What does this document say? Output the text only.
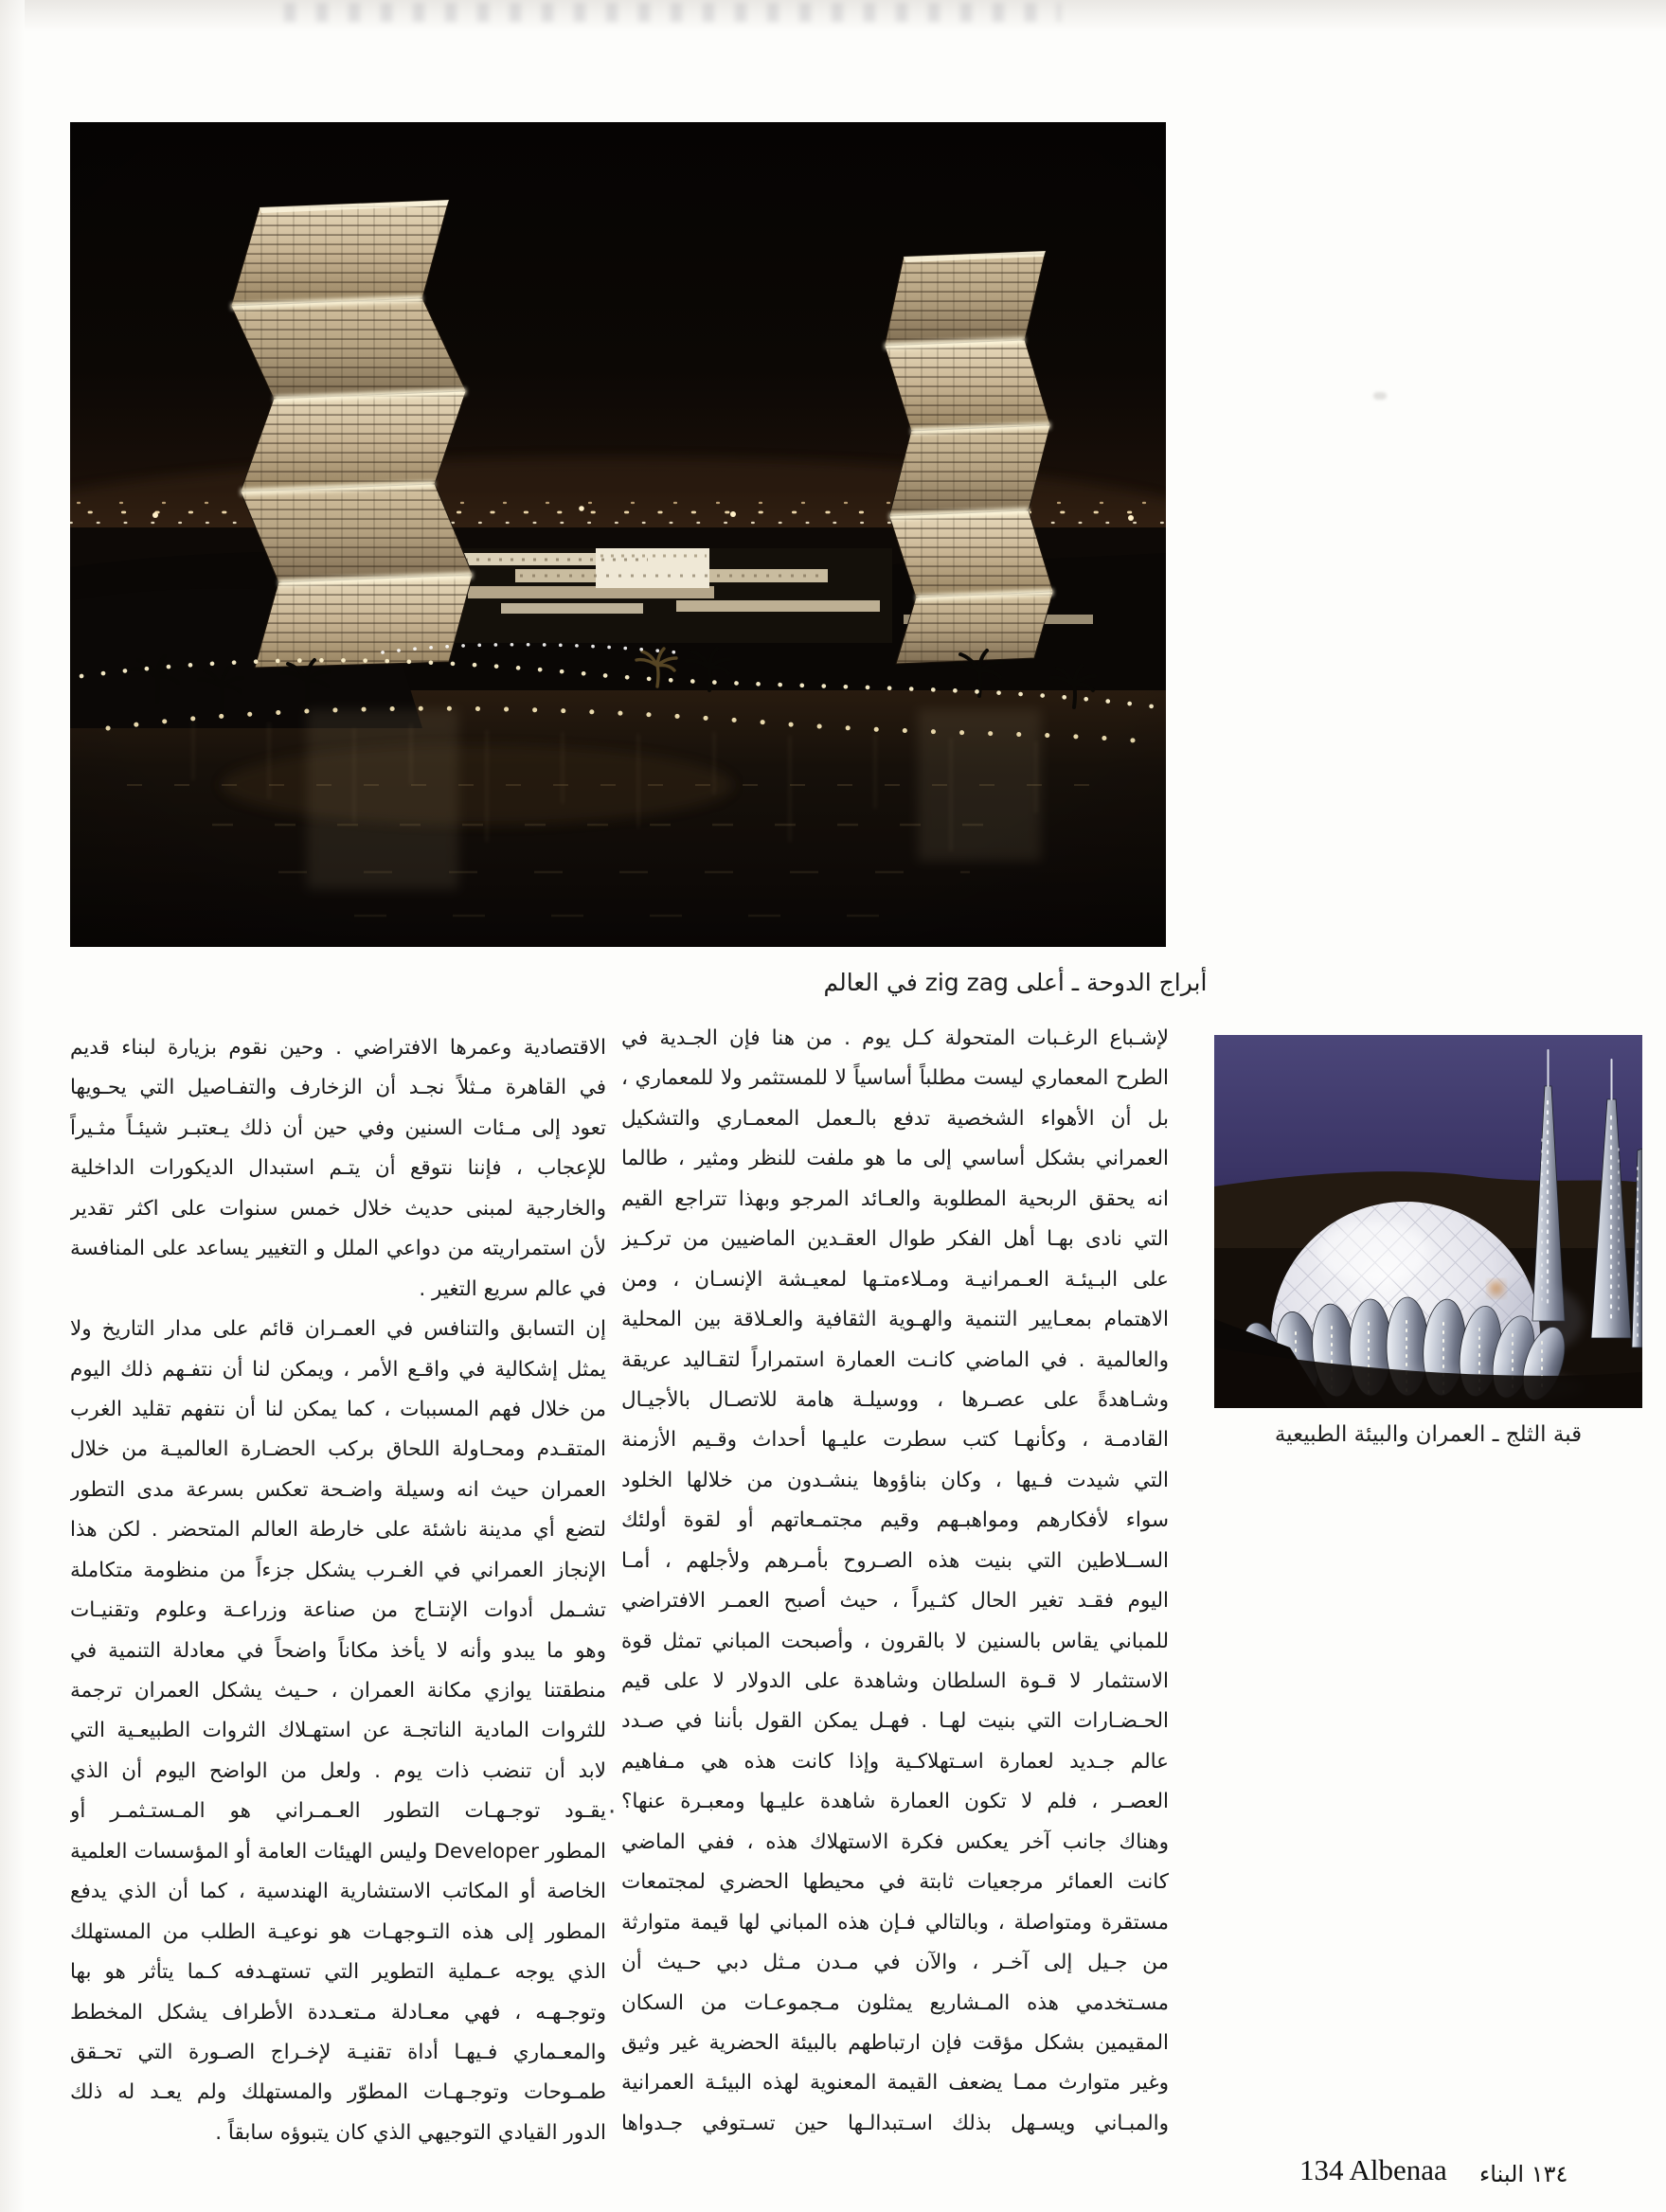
أبراج الدوحة ـ أعلى zig zag في العالم
قبة الثلج ـ العمران والبيئة الطبيعية
لإشـباع الرغـبات المتحولة كـل يوم . من هنا فإن الجـدية في
الطرح المعماري ليست مطلباً أساسياً لا للمستثمر ولا للمعماري ،
بل أن الأهواء الشخصية تدفع بالـعمل المعمـاري والتشكيل
العمراني بشكل أساسي إلى ما هو ملفت للنظر ومثير ، طالما
انه يحقق الربحية المطلوبة والعـائد المرجو وبهذا تتراجع القيم
التي نادى بهـا أهل الفكر طوال العقـدين الماضيين من تركـيز
على البـيئـة العـمرانيـة ومـلاءمتـها لمعيـشة الإنسـان ، ومن
الاهتمام بمعـايير التنمية والهـوية الثقافية والعـلاقة بين المحلية
والعالمية . في الماضي كانـت العمارة استمراراً لتقـاليد عريقة
وشـاهدةً على عصـرها ، ووسيلـة هامة للاتصـال بالأجيـال
القادمـة ، وكأنهـا كتب سطرت عليـها أحداث وقـيم الأزمنة
التي شيدت فـيها ، وكان بناؤوها ينشـدون من خلالها الخلود
سواء لأفكارهم ومواهبـهم وقيم مجتمـعاتهم أو لقوة أولئك
الســلاطين التي بنيت هذه الصـروح بأمـرهم ولأجلهم ، أمـا
اليوم فقـد تغير الحال كثـيراً ، حيث أصبح العمـر الافتراضي
للمباني يقاس بالسنين لا بالقرون ، وأصبحت المباني تمثل قوة
الاستثمار لا قـوة السلطان وشاهدة على الدولار لا على قيم
الحـضـارات التي بنيت لهـا . فهـل يمكن القول بأننا في صـدد
عالم جـديد لعمارة اسـتهلاكـية وإذا كانت هذه هي مـفاهيم
العصـر ، فلم لا تكون العمارة شاهدة عليـها ومعبـرة عنها؟
وهناك جانب آخر يعكس فكرة الاستهلاك هذه ، ففي الماضي
كانت العمائر مرجعيات ثابتة في محيطها الحضري لمجتمعات
مستقرة ومتواصلة ، وبالتالي فـإن هذه المباني لها قيمة متوارثة
من جـيل إلى آخـر ، والآن في مـدن مـثل دبي حـيث أن
مسـتخدمي هذه المـشاريع يمثلون مـجموعـات من السكان
المقيمين بشكل مؤقت فإن ارتباطهم بالبيئة الحضرية غير وثيق
وغير متوارث ممـا يضعف القيمة المعنوية لهذه البيئـة العمرانية
والمبـاني ويسـهل بذلك اسـتبدالـها حين تسـتوفي جـدواها
الاقتصادية وعمرها الافتراضي . وحين نقوم بزيارة لبناء قديم
في القاهرة مـثلاً نجـد أن الزخارف والتفـاصيل التي يحـويها
تعود إلى مـئات السنين وفي حين أن ذلك يـعتبـر شيئـاً مثـيراً
للإعجاب ، فإننا نتوقع أن يتـم استبدال الديكورات الداخلية
والخارجية لمبنى حديث خلال خمس سنوات على اكثر تقدير
لأن استمراريته من دواعي الملل و التغيير يساعد على المنافسة
في عالم سريع التغير .
إن التسابق والتنافس في العمـران قائم على مدار التاريخ ولا
يمثل إشكالية في واقـع الأمر ، ويمكن لنا أن نتفـهم ذلك اليوم
من خلال فهم المسببات ، كما يمكن لنا أن نتفهم تقليد الغرب
المتقـدم ومحـاولة اللحاق بركب الحضـارة العالميـة من خلال
العمران حيث انه وسيلة واضـحة تعكس بسرعة مدى التطور
لتضع أي مدينة ناشئة على خارطة العالم المتحضر . لكن هذا
الإنجاز العمراني في الغـرب يشكل جزءاً من منظومة متكاملة
تشـمل أدوات الإنتـاج من صناعة وزراعـة وعلوم وتقنيـات
وهو ما يبدو وأنه لا يأخذ مكاناً واضحاً في معادلة التنمية في
منطقتنا يوازي مكانة العمران ، حـيث يشكل العمران ترجمة
للثروات المادية الناتجـة عن استهـلاك الثروات الطبيعـية التي
لابد أن تنضب ذات يوم . ولعل من الواضح اليوم أن الذي
يقـود توجـهـات التطور العـمـراني هو المـستـثمـر أو
المطور Developer وليس الهيئات العامة أو المؤسسات العلمية
الخاصة أو المكاتب الاستشارية الهندسية ، كما أن الذي يدفع
المطور إلى هذه التـوجهـات هو نوعيـة الطلب من المستهلك
الذي يوجه عـملية التطوير التي تستهـدفه كـما يتأثر هو بها
وتوجـهـه ، فهي معـادلة مـتعـددة الأطراف يشكل المخطط
والمعـماري فـيهـا أداة تقنيـة لإخـراج الصـورة التي تحـقق
طمـوحات وتوجـهـات المطوّر والمستهلك ولم يعـد له ذلك
الدور القيادي التوجيهي الذي كان يتبوؤه سابقاً .
·
134 Albenaa ١٣٤ البناء
